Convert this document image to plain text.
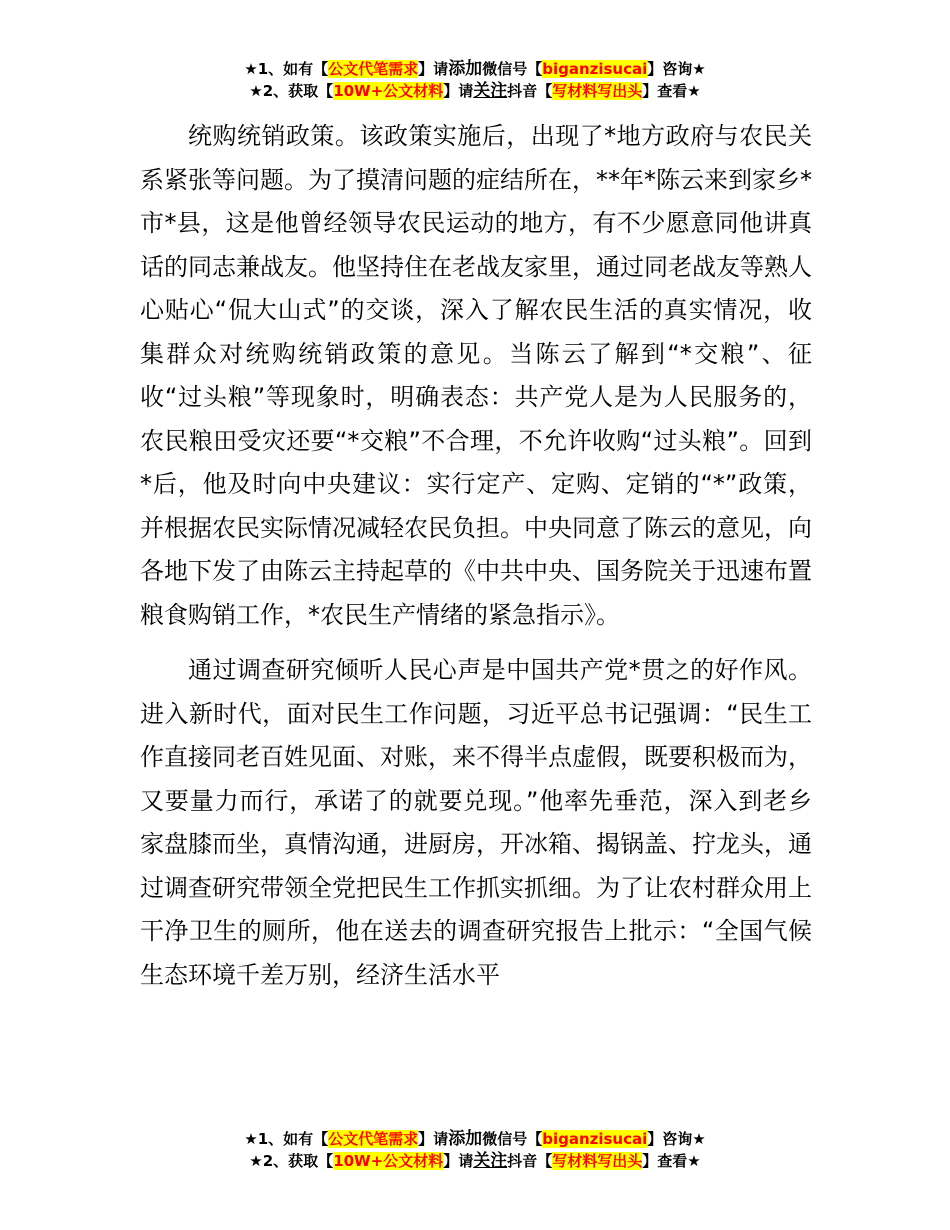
★1、如有【公文代笔需求】请添加微信号【biganzisucai】咨询★
★2、获取【10W+公文材料】请关注抖音【写材料写出头】查看★

统购统销政策。该政策实施后，出现了*地方政府与农民关系紧张等问题。为了摸清问题的症结所在，**年*陈云来到家乡*市*县，这是他曾经领导农民运动的地方，有不少愿意同他讲真话的同志兼战友。他坚持住在老战友家里，通过同老战友等熟人心贴心“侃大山式”的交谈，深入了解农民生活的真实情况，收集群众对统购统销政策的意见。当陈云了解到“*交粮”、征收“过头粮”等现象时，明确表态：共产党人是为人民服务的，农民粮田受灾还要“*交粮”不合理，不允许收购“过头粮”。回到*后，他及时向中央建议：实行定产、定购、定销的“*”政策，并根据农民实际情况减轻农民负担。中央同意了陈云的意见，向各地下发了由陈云主持起草的《中共中央、国务院关于迅速布置粮食购销工作，*农民生产情绪的紧急指示》。

通过调查研究倾听人民心声是中国共产党*贯之的好作风。进入新时代，面对民生工作问题，习近平总书记强调：“民生工作直接同老百姓见面、对账，来不得半点虚假，既要积极而为，又要量力而行，承诺了的就要兑现。”他率先垂范，深入到老乡家盘膝而坐，真情沟通，进厨房，开冰箱、揭锅盖、拧龙头，通过调查研究带领全党把民生工作抓实抓细。为了让农村群众用上干净卫生的厕所，他在送去的调查研究报告上批示：“全国气候生态环境千差万别，经济生活水平

★1、如有【公文代笔需求】请添加微信号【biganzisucai】咨询★
★2、获取【10W+公文材料】请关注抖音【写材料写出头】查看★
